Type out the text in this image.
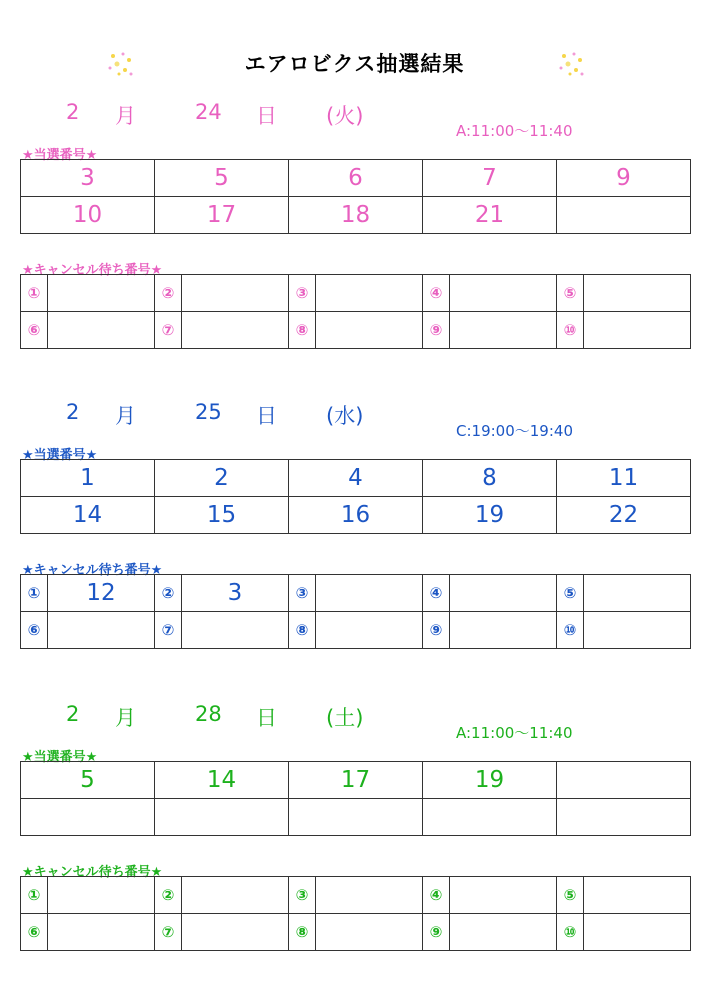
エアロビクス抽選結果
2 月	24 日 (火)
A:11:00～11:40
★当選番号★
3	5	6	7	9
10	17	18	21	
★キャンセル待ち番号★
①		②		③		④		⑤	
⑥		⑦		⑧		⑨		⑩	
2 月	25 日 (水)
C:19:00～19:40
★当選番号★
1	2	4	8	11
14	15	16	19	22
★キャンセル待ち番号★
①	12	②	3	③		④		⑤	
⑥		⑦		⑧		⑨		⑩	
2 月	28 日 (土)
A:11:00～11:40
★当選番号★
5	14	17	19	

★キャンセル待ち番号★
①		②		③		④		⑤	
⑥		⑦		⑧		⑨		⑩	
